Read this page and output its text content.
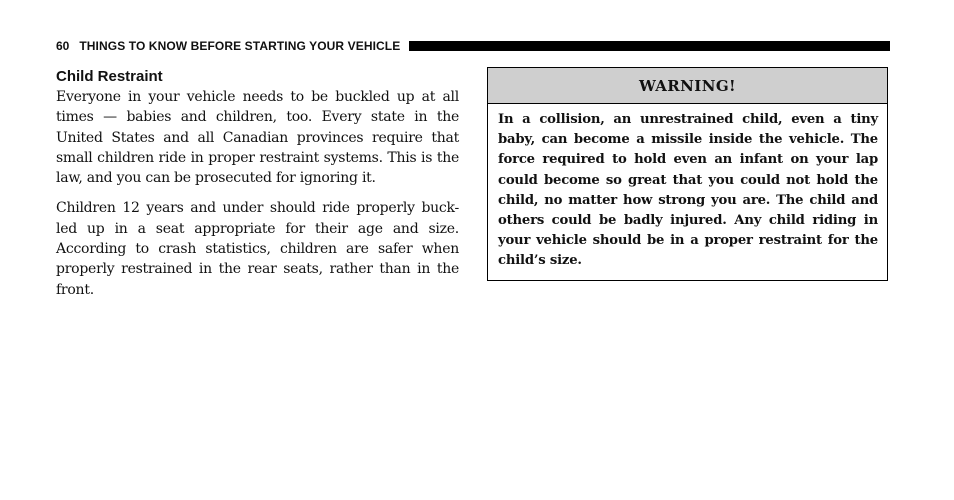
60 THINGS TO KNOW BEFORE STARTING YOUR VEHICLE
Child Restraint

Everyone in your vehicle needs to be buckled up at all times — babies and children, too. Every state in the United States and all Canadian provinces require that small children ride in proper restraint systems. This is the law, and you can be prosecuted for ignoring it.

Children 12 years and under should ride properly buck-led up in a seat appropriate for their age and size. According to crash statistics, children are safer when properly restrained in the rear seats, rather than in the front.

WARNING!

In a collision, an unrestrained child, even a tiny baby, can become a missile inside the vehicle. The force required to hold even an infant on your lap could become so great that you could not hold the child, no matter how strong you are. The child and others could be badly injured. Any child riding in your vehicle should be in a proper restraint for the child’s size.
